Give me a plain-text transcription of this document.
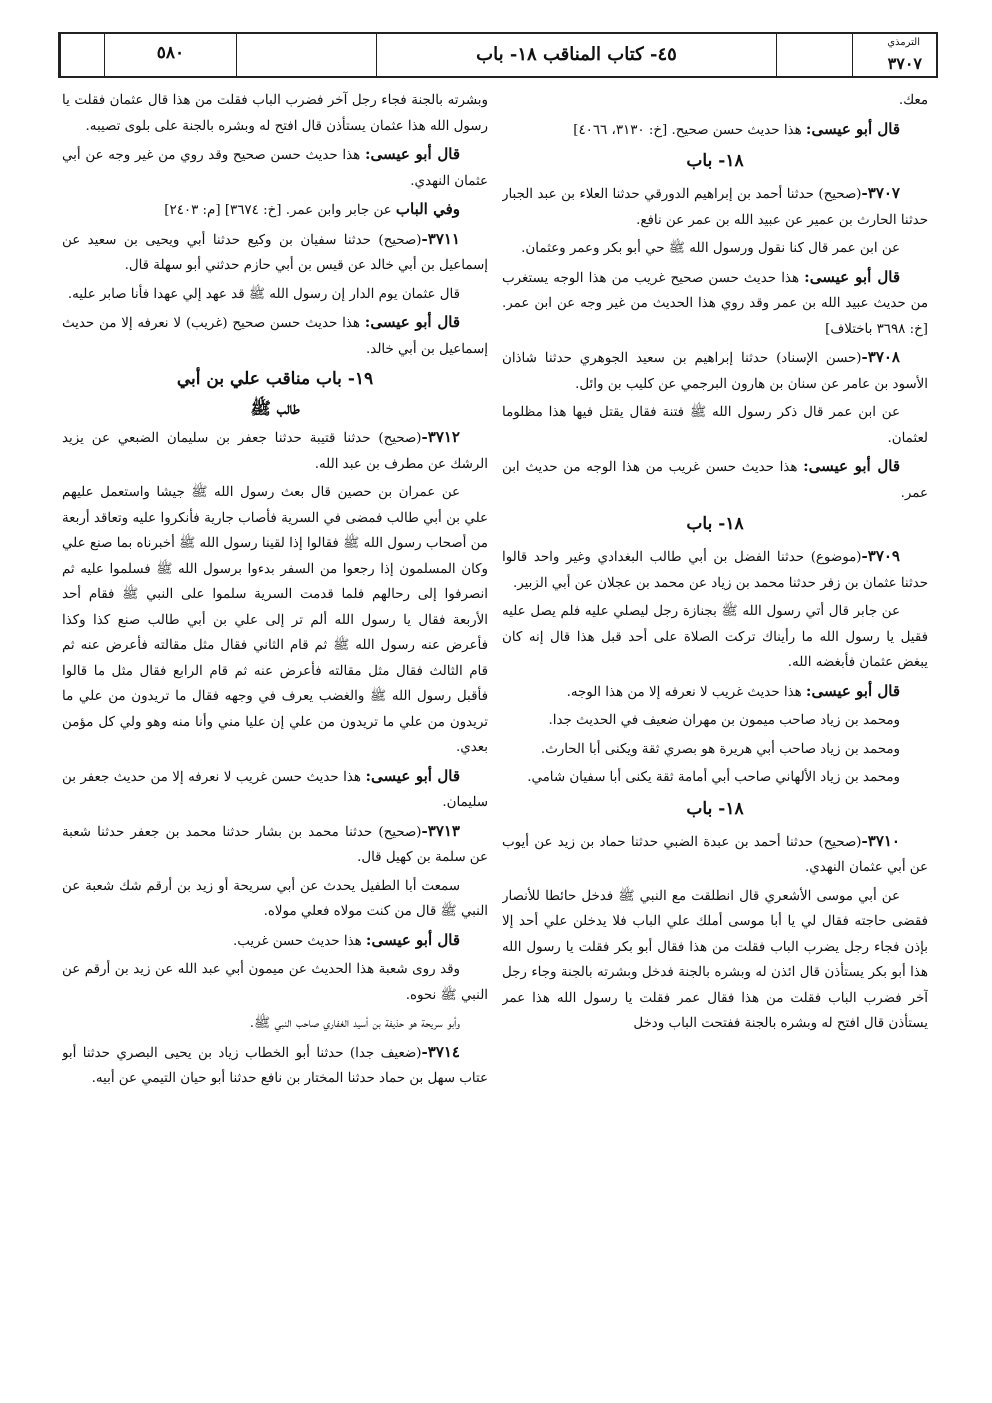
الترمذي
٣٧٠٧
٤٥- كتاب المناقب ١٨- باب
٥٨٠

معك.

قال أبو عيسى: هذا حديث حسن صحيح. [خ: ٣١٣٠، ٤٠٦٦]

١٨- باب

٣٧٠٧-(صحيح) حدثنا أحمد بن إبراهيم الدورقي حدثنا العلاء بن عبد الجبار حدثنا الحارث بن عمير عن عبيد الله بن عمر عن نافع.

عن ابن عمر قال كنا نقول ورسول الله ﷺ حي أبو بكر وعمر وعثمان.

قال أبو عيسى: هذا حديث حسن صحيح غريب من هذا الوجه يستغرب من حديث عبيد الله بن عمر وقد روي هذا الحديث من غير وجه عن ابن عمر. [خ: ٣٦٩٨ باختلاف]

٣٧٠٨-(حسن الإسناد) حدثنا إبراهيم بن سعيد الجوهري حدثنا شاذان الأسود بن عامر عن سنان بن هارون البرجمي عن كليب بن وائل.

عن ابن عمر قال ذكر رسول الله ﷺ فتنة فقال يقتل فيها هذا مظلوما لعثمان.

قال أبو عيسى: هذا حديث حسن غريب من هذا الوجه من حديث ابن عمر.

١٨- باب

٣٧٠٩-(موضوع) حدثنا الفضل بن أبي طالب البغدادي وغير واحد قالوا حدثنا عثمان بن زفر حدثنا محمد بن زياد عن محمد بن عجلان عن أبي الزبير.

عن جابر قال أتي رسول الله ﷺ بجنازة رجل ليصلي عليه فلم يصل عليه فقيل يا رسول الله ما رأيناك تركت الصلاة على أحد قبل هذا قال إنه كان يبغض عثمان فأبغضه الله.

قال أبو عيسى: هذا حديث غريب لا نعرفه إلا من هذا الوجه.

ومحمد بن زياد صاحب ميمون بن مهران ضعيف في الحديث جدا.

ومحمد بن زياد صاحب أبي هريرة هو بصري ثقة ويكنى أبا الحارث.

ومحمد بن زياد الألهاني صاحب أبي أمامة ثقة يكنى أبا سفيان شامي.

١٨- باب

٣٧١٠-(صحيح) حدثنا أحمد بن عبدة الضبي حدثنا حماد بن زيد عن أيوب عن أبي عثمان النهدي.

عن أبي موسى الأشعري قال انطلقت مع النبي ﷺ فدخل حائطا للأنصار فقضى حاجته فقال لي يا أبا موسى أملك علي الباب فلا يدخلن علي أحد إلا بإذن فجاء رجل يضرب الباب فقلت من هذا فقال أبو بكر فقلت يا رسول الله هذا أبو بكر يستأذن قال ائذن له وبشره بالجنة فدخل وبشرته بالجنة وجاء رجل آخر فضرب الباب فقلت من هذا فقال عمر فقلت يا رسول الله هذا عمر يستأذن قال افتح له وبشره بالجنة ففتحت الباب ودخل

وبشرته بالجنة فجاء رجل آخر فضرب الباب فقلت من هذا قال عثمان فقلت يا رسول الله هذا عثمان يستأذن قال افتح له وبشره بالجنة على بلوى تصيبه.

قال أبو عيسى: هذا حديث حسن صحيح وقد روي من غير وجه عن أبي عثمان النهدي.

وفي الباب عن جابر وابن عمر. [خ: ٣٦٧٤] [م: ٢٤٠٣]

٣٧١١-(صحيح) حدثنا سفيان بن وكيع حدثنا أبي ويحيى بن سعيد عن إسماعيل بن أبي خالد عن قيس بن أبي حازم حدثني أبو سهلة قال.

قال عثمان يوم الدار إن رسول الله ﷺ قد عهد إلي عهدا فأنا صابر عليه.

قال أبو عيسى: هذا حديث حسن صحيح (غريب) لا نعرفه إلا من حديث إسماعيل بن أبي خالد.

١٩- باب مناقب علي بن أبي
طالب ﷺ

٣٧١٢-(صحيح) حدثنا قتيبة حدثنا جعفر بن سليمان الضبعي عن يزيد الرشك عن مطرف بن عبد الله.

عن عمران بن حصين قال بعث رسول الله ﷺ جيشا واستعمل عليهم علي بن أبي طالب فمضى في السرية فأصاب جارية فأنكروا عليه وتعاقد أربعة من أصحاب رسول الله ﷺ فقالوا إذا لقينا رسول الله ﷺ أخبرناه بما صنع علي وكان المسلمون إذا رجعوا من السفر بدءوا برسول الله ﷺ فسلموا عليه ثم انصرفوا إلى رحالهم فلما قدمت السرية سلموا على النبي ﷺ فقام أحد الأربعة فقال يا رسول الله ألم تر إلى علي بن أبي طالب صنع كذا وكذا فأعرض عنه رسول الله ﷺ ثم قام الثاني فقال مثل مقالته فأعرض عنه ثم قام الثالث فقال مثل مقالته فأعرض عنه ثم قام الرابع فقال مثل ما قالوا فأقبل رسول الله ﷺ والغضب يعرف في وجهه فقال ما تريدون من علي ما تريدون من علي ما تريدون من علي إن عليا مني وأنا منه وهو ولي كل مؤمن بعدي.

قال أبو عيسى: هذا حديث حسن غريب لا نعرفه إلا من حديث جعفر بن سليمان.

٣٧١٣-(صحيح) حدثنا محمد بن بشار حدثنا محمد بن جعفر حدثنا شعبة عن سلمة بن كهيل قال.

سمعت أبا الطفيل يحدث عن أبي سريحة أو زيد بن أرقم شك شعبة عن النبي ﷺ قال من كنت مولاه فعلي مولاه.

قال أبو عيسى: هذا حديث حسن غريب.

وقد روى شعبة هذا الحديث عن ميمون أبي عبد الله عن زيد بن أرقم عن النبي ﷺ نحوه.

وأبو سريحة هو حذيفة بن أسيد الغفاري صاحب النبي ﷺ.

٣٧١٤-(ضعيف جدا) حدثنا أبو الخطاب زياد بن يحيى البصري حدثنا أبو عتاب سهل بن حماد حدثنا المختار بن نافع حدثنا أبو حيان التيمي عن أبيه.
